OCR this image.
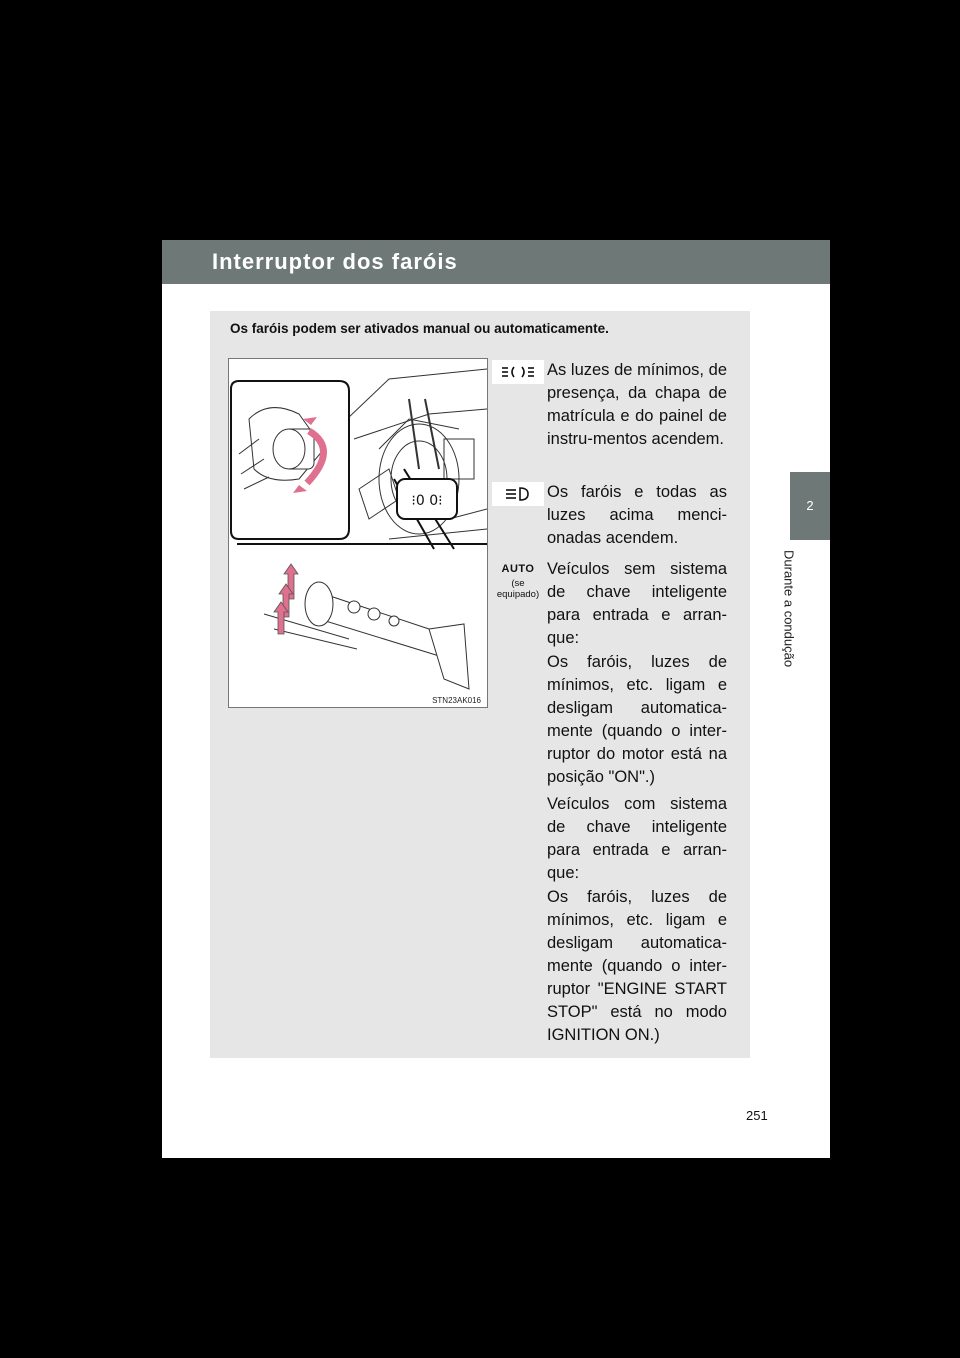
Interruptor dos faróis
2
Durante a condução
Os faróis podem ser ativados manual ou automaticamente.
⁝0 0⁝
STN23AK016

As luzes de mínimos, de presença, da chapa de matrícula e do painel de instru-mentos acendem.

Os faróis e todas as luzes acima menci-onadas acendem.

AUTO
(se equipado)

Veículos sem sistema de chave inteligente para entrada e arran-que:

Os faróis, luzes de mínimos, etc. ligam e desligam automatica-mente (quando o inter-ruptor do motor está na posição "ON".)

Veículos com sistema de chave inteligente para entrada e arran-que:

Os faróis, luzes de mínimos, etc. ligam e desligam automatica-mente (quando o inter-ruptor "ENGINE START STOP" está no modo IGNITION ON.)

251
